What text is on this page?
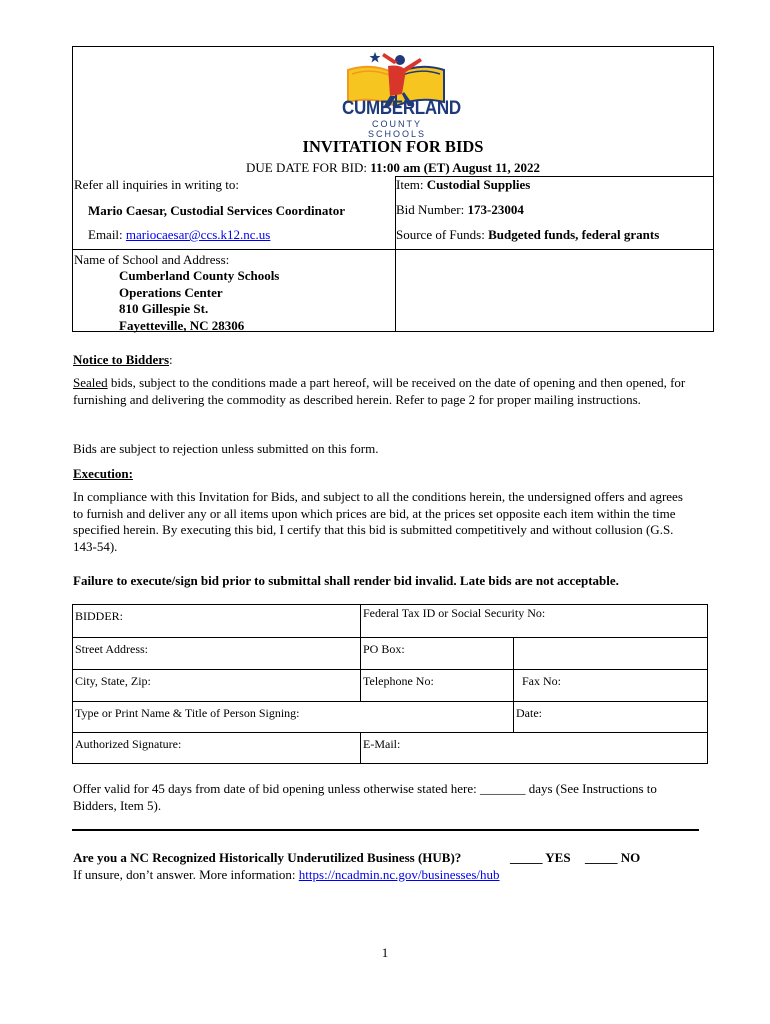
CUMBERLAND
COUNTY SCHOOLS
INVITATION FOR BIDS
DUE DATE FOR BID: 11:00 am (ET) August 11, 2022
Refer all inquiries in writing to:
Mario Caesar, Custodial Services Coordinator
Email: mariocaesar@ccs.k12.nc.us
Item: Custodial Supplies
Bid Number: 173-23004
Source of Funds: Budgeted funds, federal grants
Name of School and Address:
Cumberland County Schools
Operations Center
810 Gillespie St.
Fayetteville, NC 28306
Notice to Bidders:
Sealed bids, subject to the conditions made a part hereof, will be received on the date of opening and then opened, for furnishing and delivering the commodity as described herein. Refer to page 2 for proper mailing instructions.
Bids are subject to rejection unless submitted on this form.
Execution:
In compliance with this Invitation for Bids, and subject to all the conditions herein, the undersigned offers and agrees to furnish and deliver any or all items upon which prices are bid, at the prices set opposite each item within the time specified herein. By executing this bid, I certify that this bid is submitted competitively and without collusion (G.S. 143-54).
Failure to execute/sign bid prior to submittal shall render bid invalid. Late bids are not acceptable.
BIDDER:	Federal Tax ID or Social Security No:
Street Address:	PO Box:
City, State, Zip:	Telephone No:	Fax No:
Type or Print Name & Title of Person Signing:	Date:
Authorized Signature:	E-Mail:
Offer valid for 45 days from date of bid opening unless otherwise stated here: _______ days (See Instructions to Bidders, Item 5).
Are you a NC Recognized Historically Underutilized Business (HUB)?	_____ YES _____ NO
If unsure, don’t answer. More information: https://ncadmin.nc.gov/businesses/hub
1
